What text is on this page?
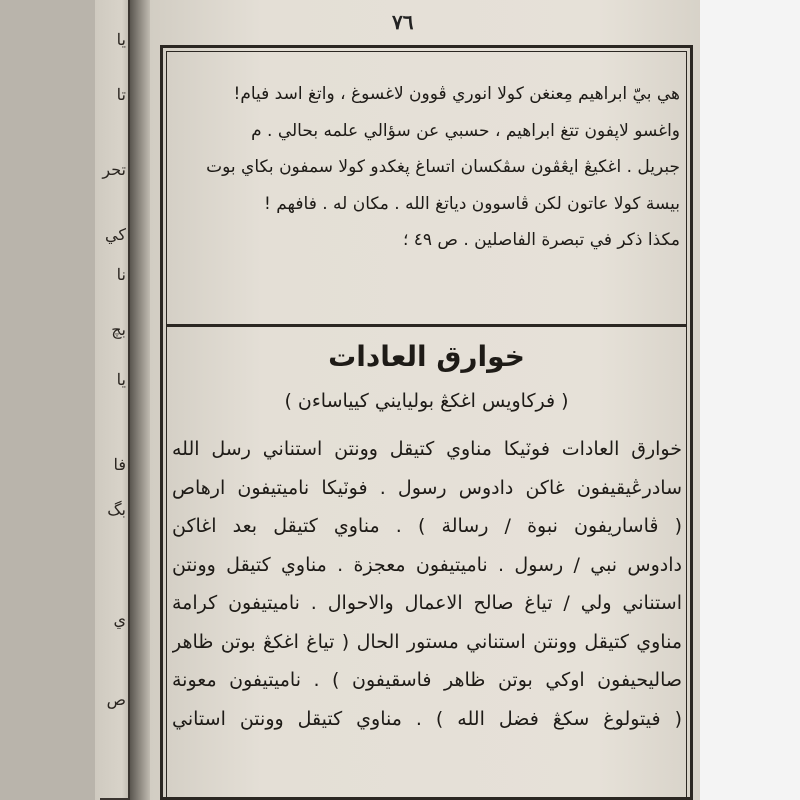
يا
تا
تحر
كي
نا
بچ
يا
فا
بگ
ي
ص
٧٦
هي بيّ ابراهيم مِعنغن كولا انوري ڤوون لاغسوغ ، واتغ اسد فيام!
واغسو لاڽفون تتغ ابراهيم ، حسبي عن سؤالي علمه بحالي . م
جبريل . اغكيڠ ايڠڤون سڤكسان اتساغ ڽغكدو كولا سمفون بكاي بوت
بيسة كولا عاتون لكن ڤاسوون دياتغ الله . مكان له . فافهم !
مكذا ذكر في تبصرة الفاصلين . ص ٤٩ ؛
خوارق العادات
( فركاويس اغكڠ بوليايني كيياساءن )
خوارق العادات فوٽيکا مناوي كتيقل وونتن استناني رسل الله
سادرڠيقيفون غاكن دادوس رسول . فوٽيکا ناميتيفون ارهاص
( ڤاساريفون نبوة / رسالة ) . مناوي كتيقل بعد اغاكن
دادوس نبي / رسول . ناميتيفون معجزة . مناوي كتيقل وونتن
استناني ولي / تياغ صالح الاعمال والاحوال . ناميتيفون كرامة
مناوي كتيقل وونتن استناني مستور الحال ( تياغ اغكڠ بوتن ظاهر
صاليحيفون اوكي بوتن ظاهر فاسقيفون ) . ناميتيفون معونة
( فيتولوغ سكڠ فضل الله ) . مناوي كتيقل وونتن استاني
